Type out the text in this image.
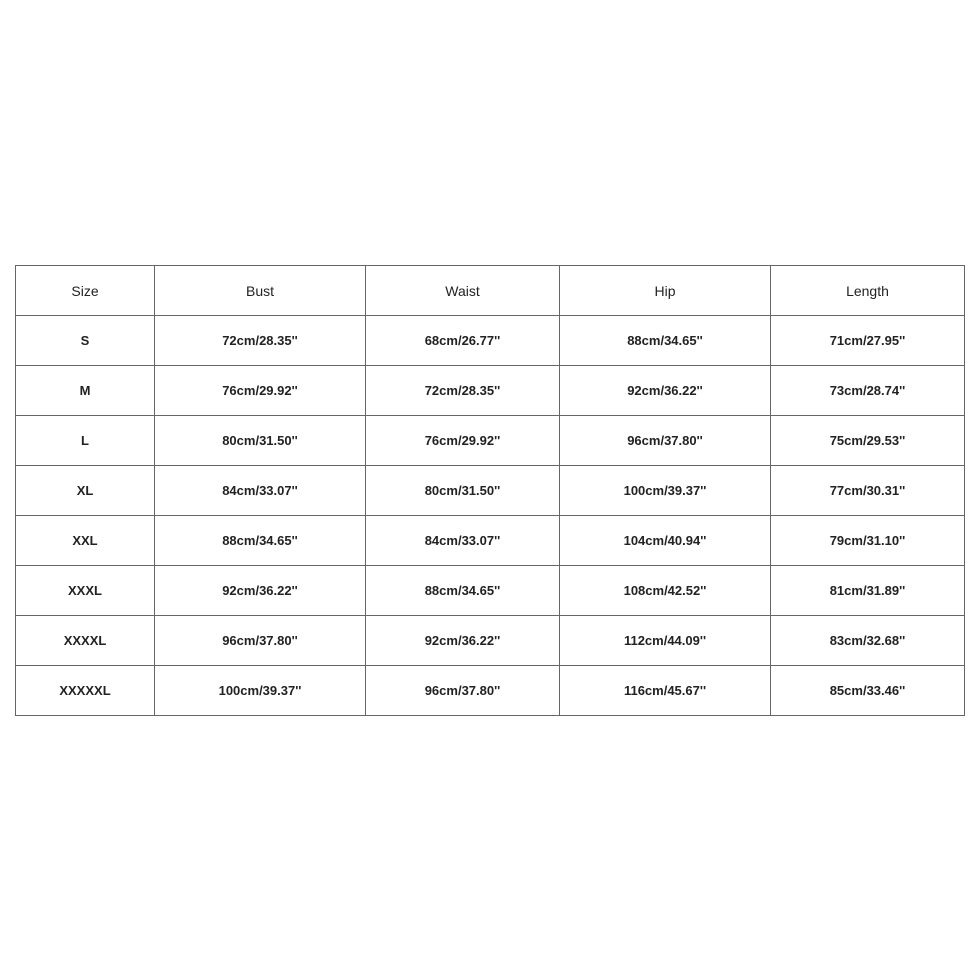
Size	Bust	Waist	Hip	Length
S	72cm/28.35''	68cm/26.77''	88cm/34.65''	71cm/27.95''
M	76cm/29.92''	72cm/28.35''	92cm/36.22''	73cm/28.74''
L	80cm/31.50''	76cm/29.92''	96cm/37.80''	75cm/29.53''
XL	84cm/33.07''	80cm/31.50''	100cm/39.37''	77cm/30.31''
XXL	88cm/34.65''	84cm/33.07''	104cm/40.94''	79cm/31.10''
XXXL	92cm/36.22''	88cm/34.65''	108cm/42.52''	81cm/31.89''
XXXXL	96cm/37.80''	92cm/36.22''	112cm/44.09''	83cm/32.68''
XXXXXL	100cm/39.37''	96cm/37.80''	116cm/45.67''	85cm/33.46''
